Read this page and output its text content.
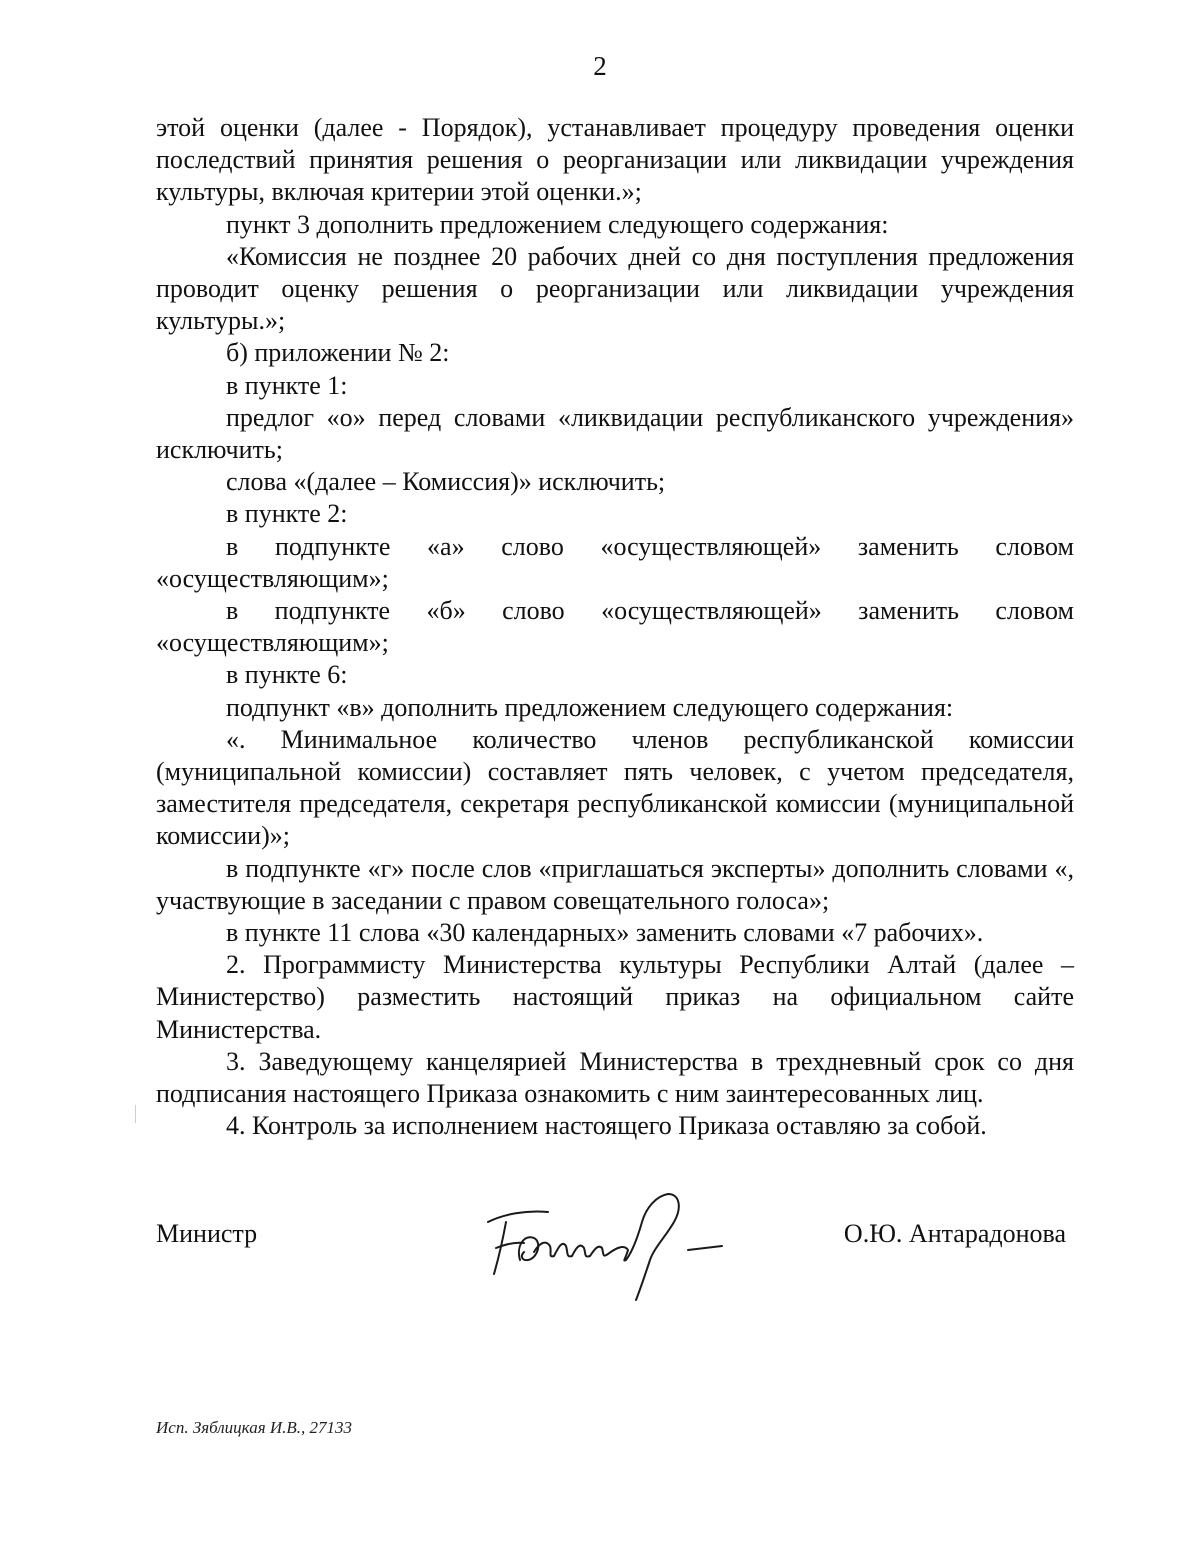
2

этой оценки (далее - Порядок), устанавливает процедуру проведения оценки последствий принятия решения о реорганизации или ликвидации учреждения культуры, включая критерии этой оценки.»;

пункт 3 дополнить предложением следующего содержания:

«Комиссия не позднее 20 рабочих дней со дня поступления предложения проводит оценку решения о реорганизации или ликвидации учреждения культуры.»;

б) приложении № 2:

в пункте 1:

предлог «о» перед словами «ликвидации республиканского учреждения» исключить;

слова «(далее – Комиссия)» исключить;

в пункте 2:

в подпункте «а» слово «осуществляющей» заменить словом «осуществляющим»;

в подпункте «б» слово «осуществляющей» заменить словом «осуществляющим»;

в пункте 6:

подпункт «в» дополнить предложением следующего содержания:

«. Минимальное количество членов республиканской комиссии (муниципальной комиссии) составляет пять человек, с учетом председателя, заместителя председателя, секретаря республиканской комиссии (муниципальной комиссии)»;

в подпункте «г» после слов «приглашаться эксперты» дополнить словами «, участвующие в заседании с правом совещательного голоса»;

в пункте 11 слова «30 календарных» заменить словами «7 рабочих».

2. Программисту Министерства культуры Республики Алтай (далее – Министерство) разместить настоящий приказ на официальном сайте Министерства.

3. Заведующему канцелярией Министерства в трехдневный срок со дня подписания настоящего Приказа ознакомить с ним заинтересованных лиц.

4. Контроль за исполнением настоящего Приказа оставляю за собой.

Министр	О.Ю. Антарадонова
Исп. Зяблицкая И.В., 27133
